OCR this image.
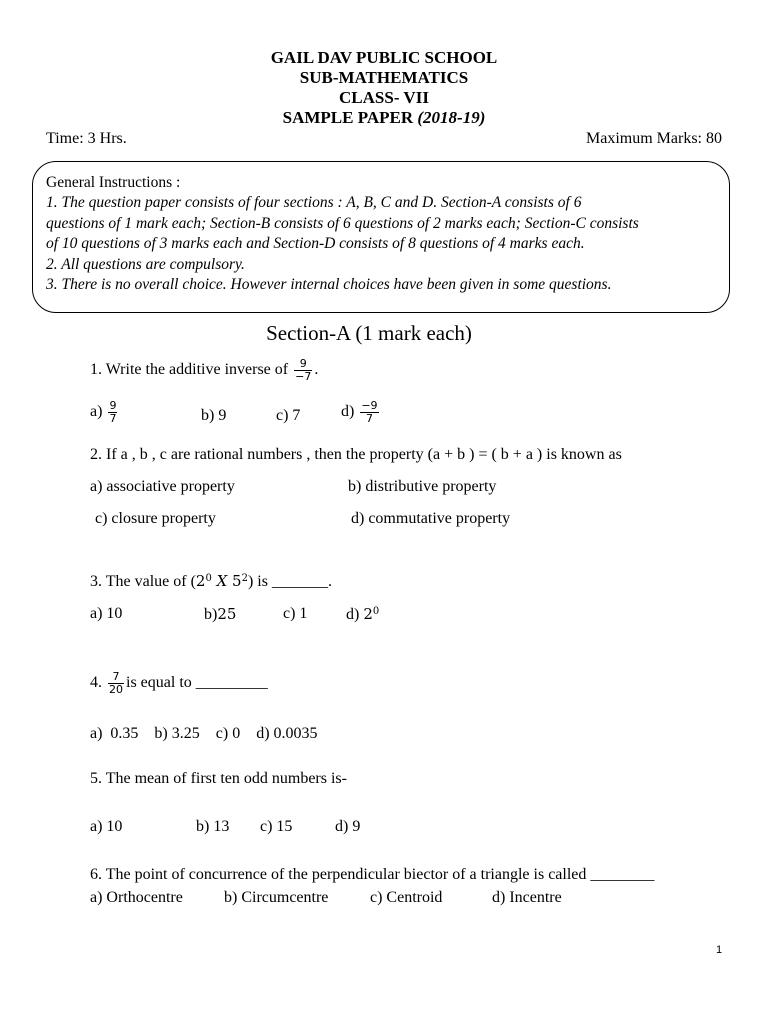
GAIL DAV PUBLIC SCHOOL
SUB-MATHEMATICS
CLASS- VII
SAMPLE PAPER (2018-19)
Time: 3 Hrs.	Maximum Marks: 80
General Instructions :
1. The question paper consists of four sections : A, B, C and D. Section-A consists of 6
questions of 1 mark each; Section-B consists of 6 questions of 2 marks each; Section-C consists
of 10 questions of 3 marks each and Section-D consists of 8 questions of 4 marks each.
2. All questions are compulsory.
3. There is no overall choice. However internal choices have been given in some questions.
Section-A (1 mark each)
1. Write the additive inverse of $\frac{9}{-7}$ .
$a) \frac{9}{7}$	b) 9	c) 7	$d) \frac{-9}{7}$
2. If a , b , c are rational numbers , then the property (a + b ) = ( b + a ) is known as
a) associative property	b) distributive property
c) closure property	d) commutative property
3. The value of ($2^0$ X $5^2$) is _______.
a) 10	b)25	c) 1 d) $2^0$
4. $\frac{7}{20}$ is equal to _________
a)  0.35    b) 3.25    c) 0    d) 0.0035
5. The mean of first ten odd numbers is-
a) 10	b) 13 c) 15	d) 9
6. The point of concurrence of the perpendicular biector of a triangle is called ________
a) Orthocentre	b) Circumcentre	c) Centroid	d) Incentre
1
